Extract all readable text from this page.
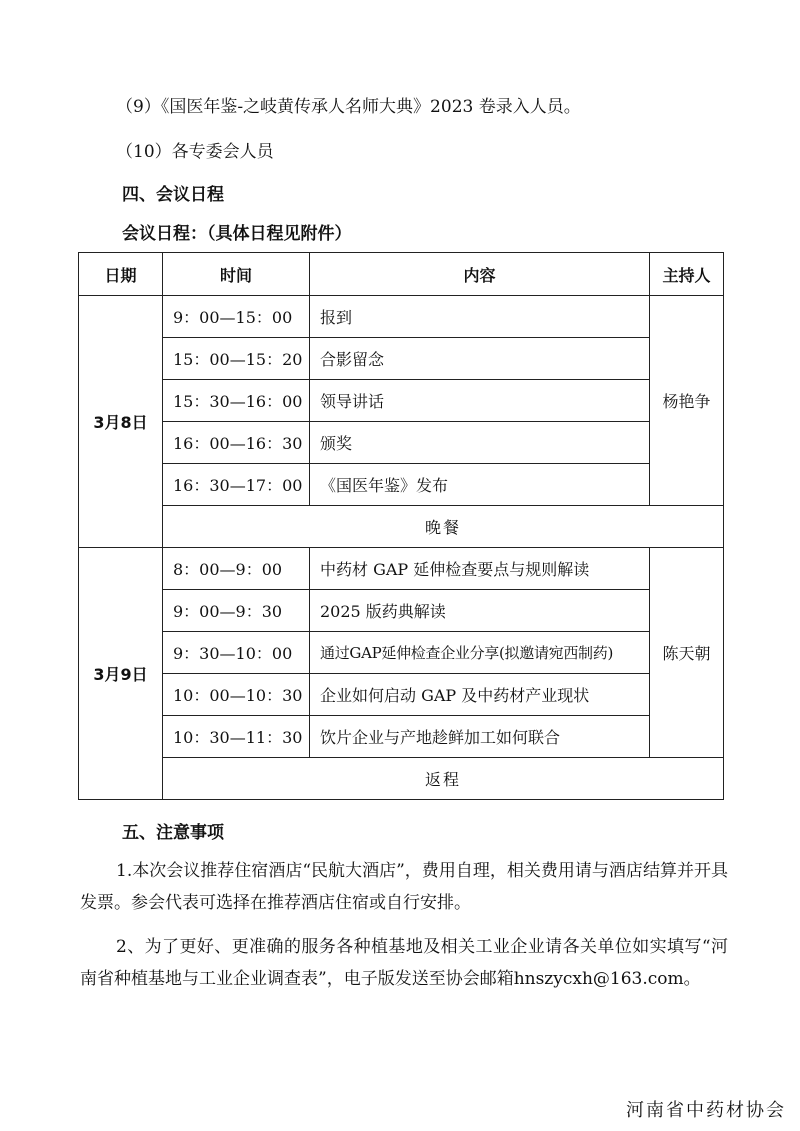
（9）《国医年鉴-之岐黄传承人名师大典》2023 卷录入人员。
（10）各专委会人员
四、会议日程
会议日程：（具体日程见附件）
日期	时间	内容	主持人
3月8日	9：00—15：00	报到	杨艳争
	15：00—15：20	合影留念	
	15：30—16：00	领导讲话	
	16：00—16：30	颁奖	
	16：30—17：00	《国医年鉴》发布	
	晚餐		
3月9日	8：00—9：00	中药材 GAP 延伸检查要点与规则解读	陈天朝
	9：00—9：30	2025 版药典解读	
	9：30—10：00	通过GAP延伸检查企业分享(拟邀请宛西制药)	
	10：00—10：30	企业如何启动 GAP 及中药材产业现状	
	10：30—11：30	饮片企业与产地趁鲜加工如何联合	
	返程		
五、注意事项
1.本次会议推荐住宿酒店“民航大酒店”，费用自理，相关费用请与酒店结算并开具发票。参会代表可选择在推荐酒店住宿或自行安排。
2、为了更好、更准确的服务各种植基地及相关工业企业请各关单位如实填写“河南省种植基地与工业企业调查表”，电子版发送至协会邮箱hnszycxh@163.com。
河南省中药材协会
